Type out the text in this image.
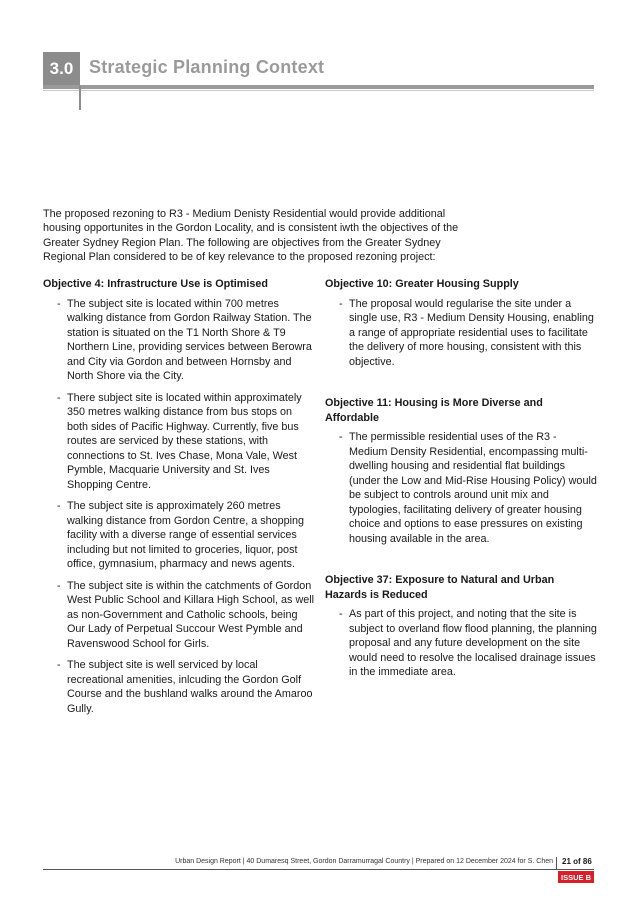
3.0 Strategic Planning Context
The proposed rezoning to R3 - Medium Denisty Residential would provide additional housing opportunites in the Gordon Locality, and is consistent iwth the objectives of the Greater Sydney Region Plan. The following are objectives from the Greater Sydney Regional Plan considered to be of key relevance to the proposed rezoning project:
Objective 4: Infrastructure Use is Optimised
- The subject site is located within 700 metres walking distance from Gordon Railway Station. The station is situated on the T1 North Shore & T9 Northern Line, providing services between Berowra and City via Gordon and between Hornsby and North Shore via the City.
- There subject site is located within approximately 350 metres walking distance from bus stops on both sides of Pacific Highway. Currently, five bus routes are serviced by these stations, with connections to St. Ives Chase, Mona Vale, West Pymble, Macquarie University and St. Ives Shopping Centre.
- The subject site is approximately 260 metres walking distance from Gordon Centre, a shopping facility with a diverse range of essential services including but not limited to groceries, liquor, post office, gymnasium, pharmacy and news agents.
- The subject site is within the catchments of Gordon West Public School and Killara High School, as well as non-Government and Catholic schools, being Our Lady of Perpetual Succour West Pymble and Ravenswood School for Girls.
- The subject site is well serviced by local recreational amenities, inlcuding the Gordon Golf Course and the bushland walks around the Amaroo Gully.
Objective 10: Greater Housing Supply
- The proposal would regularise the site under a single use, R3 - Medium Density Housing, enabling a range of appropriate residential uses to facilitate the delivery of more housing, consistent with this objective.
Objective 11: Housing is More Diverse and Affordable
- The permissible residential uses of the R3 - Medium Density Residential, encompassing multi-dwelling housing and residential flat buildings (under the Low and Mid-Rise Housing Policy) would be subject to controls around unit mix and typologies, facilitating delivery of greater housing choice and options to ease pressures on existing housing available in the area.
Objective 37: Exposure to Natural and Urban Hazards is Reduced
- As part of this project, and noting that the site is subject to overland flow flood planning, the planning proposal and any future development on the site would need to resolve the localised drainage issues in the immediate area.
Urban Design Report | 40 Dumaresq Street, Gordon Darramurragal Country | Prepared on 12 December 2024 for S. Chen	21 of 86
ISSUE B
